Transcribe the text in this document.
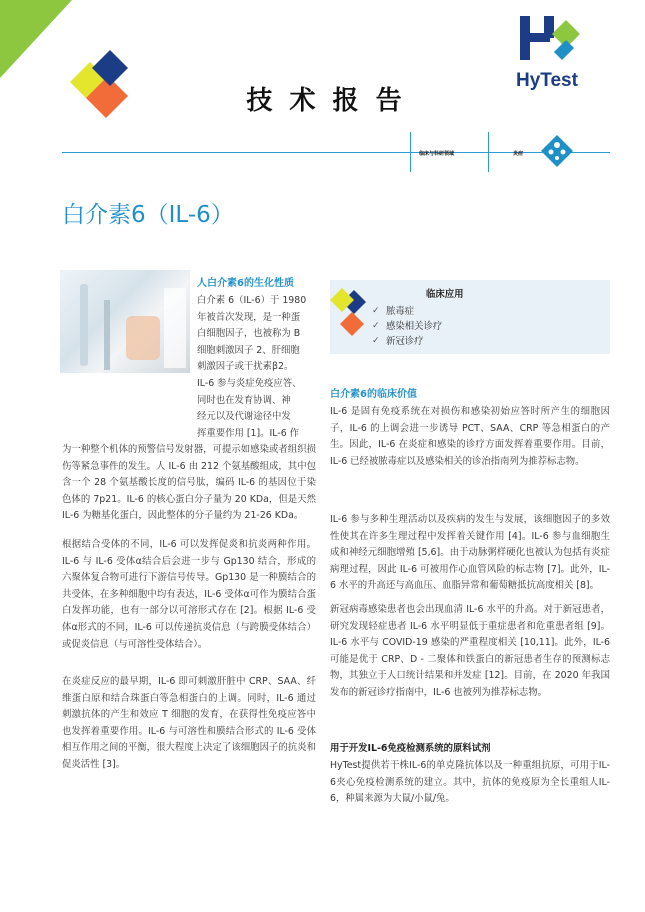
技 术 报 告
HyTest
临床与科研领域	炎症
白介素6（IL-6）
人白介素6的生化性质
白介素 6（IL-6）于 1980
年被首次发现，是一种蛋
白细胞因子，也被称为 B
细胞刺激因子 2、肝细胞
刺激因子或干扰素β2。
IL-6 参与炎症免疫应答、
同时也在发育协调、神
经元以及代谢途径中发
挥重要作用 [1]。IL-6 作

为一种整个机体的预警信号发射器，可提示如感染或者组织损伤等紧急事件的发生。人 IL-6 由 212 个氨基酸组成，其中包含一个 28 个氨基酸长度的信号肽，编码 IL-6 的基因位于染色体的 7p21。IL-6 的核心蛋白分子量为 20 KDa，但是天然 IL-6 为糖基化蛋白，因此整体的分子量约为 21-26 KDa。

根据结合受体的不同，IL-6 可以发挥促炎和抗炎两种作用。IL-6 与 IL-6 受体α结合后会进一步与 Gp130 结合，形成的六聚体复合物可进行下游信号传导。Gp130 是一种膜结合的共受体，在多种细胞中均有表达，IL-6 受体α可作为膜结合蛋白发挥功能，也有一部分以可溶形式存在 [2]。根据 IL-6 受体α形式的不同，IL-6 可以传递抗炎信息（与跨膜受体结合）或促炎信息（与可溶性受体结合）。

在炎症反应的最早期，IL-6 即可刺激肝脏中 CRP、SAA、纤维蛋白原和结合珠蛋白等急相蛋白的上调。同时，IL-6 通过刺激抗体的产生和效应 T 细胞的发育，在获得性免疫应答中也发挥着重要作用。IL-6 与可溶性和膜结合形式的 IL-6 受体相互作用之间的平衡，很大程度上决定了该细胞因子的抗炎和促炎活性 [3]。

临床应用
✓ 脓毒症
✓ 感染相关诊疗
✓ 新冠诊疗
白介素6的临床价值

IL-6 是固有免疫系统在对损伤和感染初始应答时所产生的细胞因子，IL-6 的上调会进一步诱导 PCT、SAA、CRP 等急相蛋白的产生。因此，IL-6 在炎症和感染的诊疗方面发挥着重要作用。目前，IL-6 已经被脓毒症以及感染相关的诊治指南列为推荐标志物。

IL-6 参与多种生理活动以及疾病的发生与发展，该细胞因子的多效性使其在许多生理过程中发挥着关键作用 [4]。IL-6 参与血细胞生成和神经元细胞增殖 [5,6]。由于动脉粥样硬化也被认为包括有炎症病理过程，因此 IL-6 可被用作心血管风险的标志物 [7]。此外，IL-6 水平的升高还与高血压、血脂异常和葡萄糖抵抗高度相关 [8]。

新冠病毒感染患者也会出现血清 IL-6 水平的升高。对于新冠患者，研究发现轻症患者 IL-6 水平明显低于重症患者和危重患者组 [9]。IL-6 水平与 COVID-19 感染的严重程度相关 [10,11]。此外，IL-6 可能是优于 CRP、D - 二聚体和铁蛋白的新冠患者生存的预测标志物，其独立于人口统计结果和并发症 [12]。目前，在 2020 年我国发布的新冠诊疗指南中，IL-6 也被列为推荐标志物。

用于开发IL-6免疫检测系统的原料试剂

HyTest提供若干株IL-6的单克隆抗体以及一种重组抗原，可用于IL-6夹心免疫检测系统的建立。其中，抗体的免疫原为全长重组人IL-6，种属来源为大鼠/小鼠/兔。
